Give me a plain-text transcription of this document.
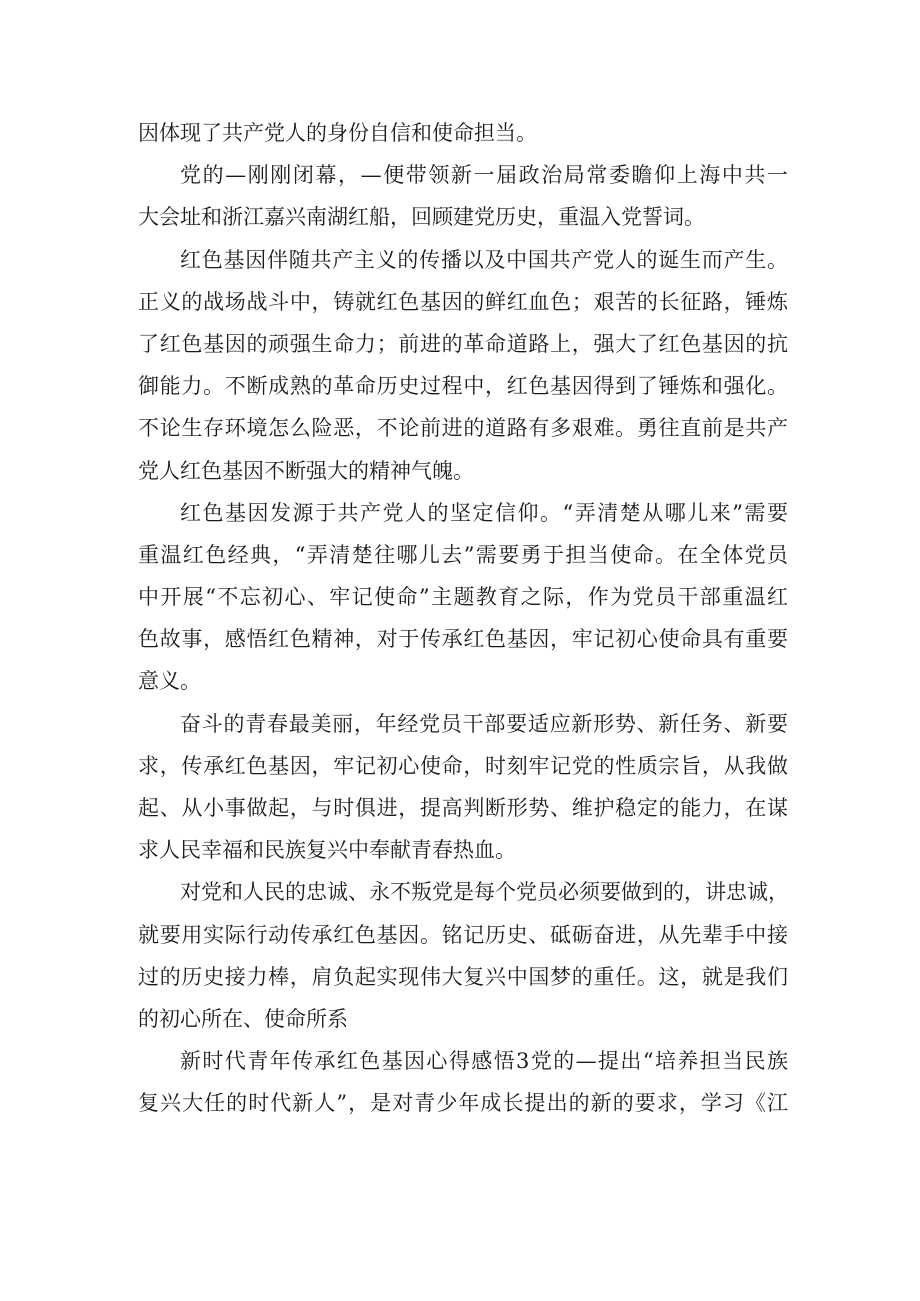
因体现了共产党人的身份自信和使命担当。
党的—刚刚闭幕，—便带领新一届政治局常委瞻仰上海中共一
大会址和浙江嘉兴南湖红船，回顾建党历史，重温入党誓词。
红色基因伴随共产主义的传播以及中国共产党人的诞生而产生。
正义的战场战斗中，铸就红色基因的鲜红血色；艰苦的长征路，锤炼
了红色基因的顽强生命力；前进的革命道路上，强大了红色基因的抗
御能力。不断成熟的革命历史过程中，红色基因得到了锤炼和强化。
不论生存环境怎么险恶，不论前进的道路有多艰难。勇往直前是共产
党人红色基因不断强大的精神气魄。
红色基因发源于共产党人的坚定信仰。“弄清楚从哪儿来”需要
重温红色经典，“弄清楚往哪儿去”需要勇于担当使命。在全体党员
中开展“不忘初心、牢记使命”主题教育之际，作为党员干部重温红
色故事，感悟红色精神，对于传承红色基因，牢记初心使命具有重要
意义。
奋斗的青春最美丽，年经党员干部要适应新形势、新任务、新要
求，传承红色基因，牢记初心使命，时刻牢记党的性质宗旨，从我做
起、从小事做起，与时俱进，提高判断形势、维护稳定的能力，在谋
求人民幸福和民族复兴中奉献青春热血。
对党和人民的忠诚、永不叛党是每个党员必须要做到的，讲忠诚，
就要用实际行动传承红色基因。铭记历史、砥砺奋进，从先辈手中接
过的历史接力棒，肩负起实现伟大复兴中国梦的重任。这，就是我们
的初心所在、使命所系
新时代青年传承红色基因心得感悟3党的—提出“培养担当民族
复兴大任的时代新人”，是对青少年成长提出的新的要求，学习《江
